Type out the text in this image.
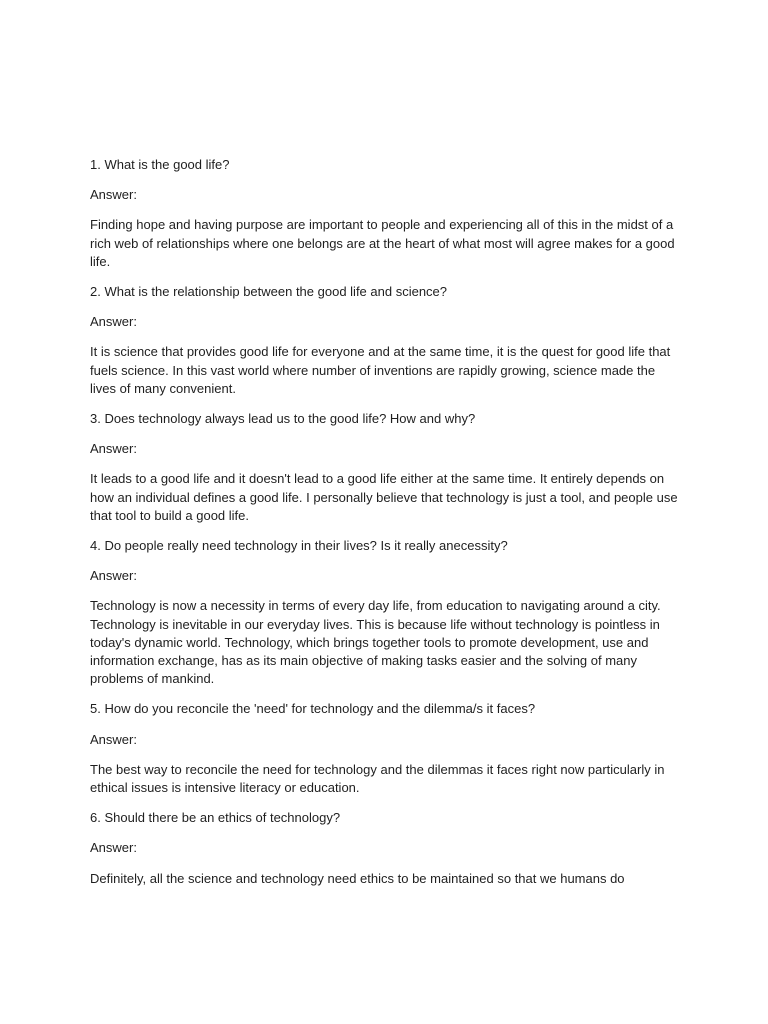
1. What is the good life?

Answer:

Finding hope and having purpose are important to people and experiencing all of this in the midst of a rich web of relationships where one belongs are at the heart of what most will agree makes for a good life.

2. What is the relationship between the good life and science?

Answer:

It is science that provides good life for everyone and at the same time, it is the quest for good life that fuels science. In this vast world where number of inventions are rapidly growing, science made the lives of many convenient.

3. Does technology always lead us to the good life? How and why?

Answer:

It leads to a good life and it doesn't lead to a good life either at the same time. It entirely depends on how an individual defines a good life. I personally believe that technology is just a tool, and people use that tool to build a good life.

4. Do people really need technology in their lives? Is it really anecessity?

Answer:

Technology is now a necessity in terms of every day life, from education to navigating around a city. Technology is inevitable in our everyday lives. This is because life without technology is pointless in today's dynamic world. Technology, which brings together tools to promote development, use and information exchange, has as its main objective of making tasks easier and the solving of many problems of mankind.

5. How do you reconcile the 'need' for technology and the dilemma/s it faces?

Answer:

The best way to reconcile the need for technology and the dilemmas it faces right now particularly in ethical issues is intensive literacy or education.

6. Should there be an ethics of technology?

Answer:

Definitely, all the science and technology need ethics to be maintained so that we humans do
